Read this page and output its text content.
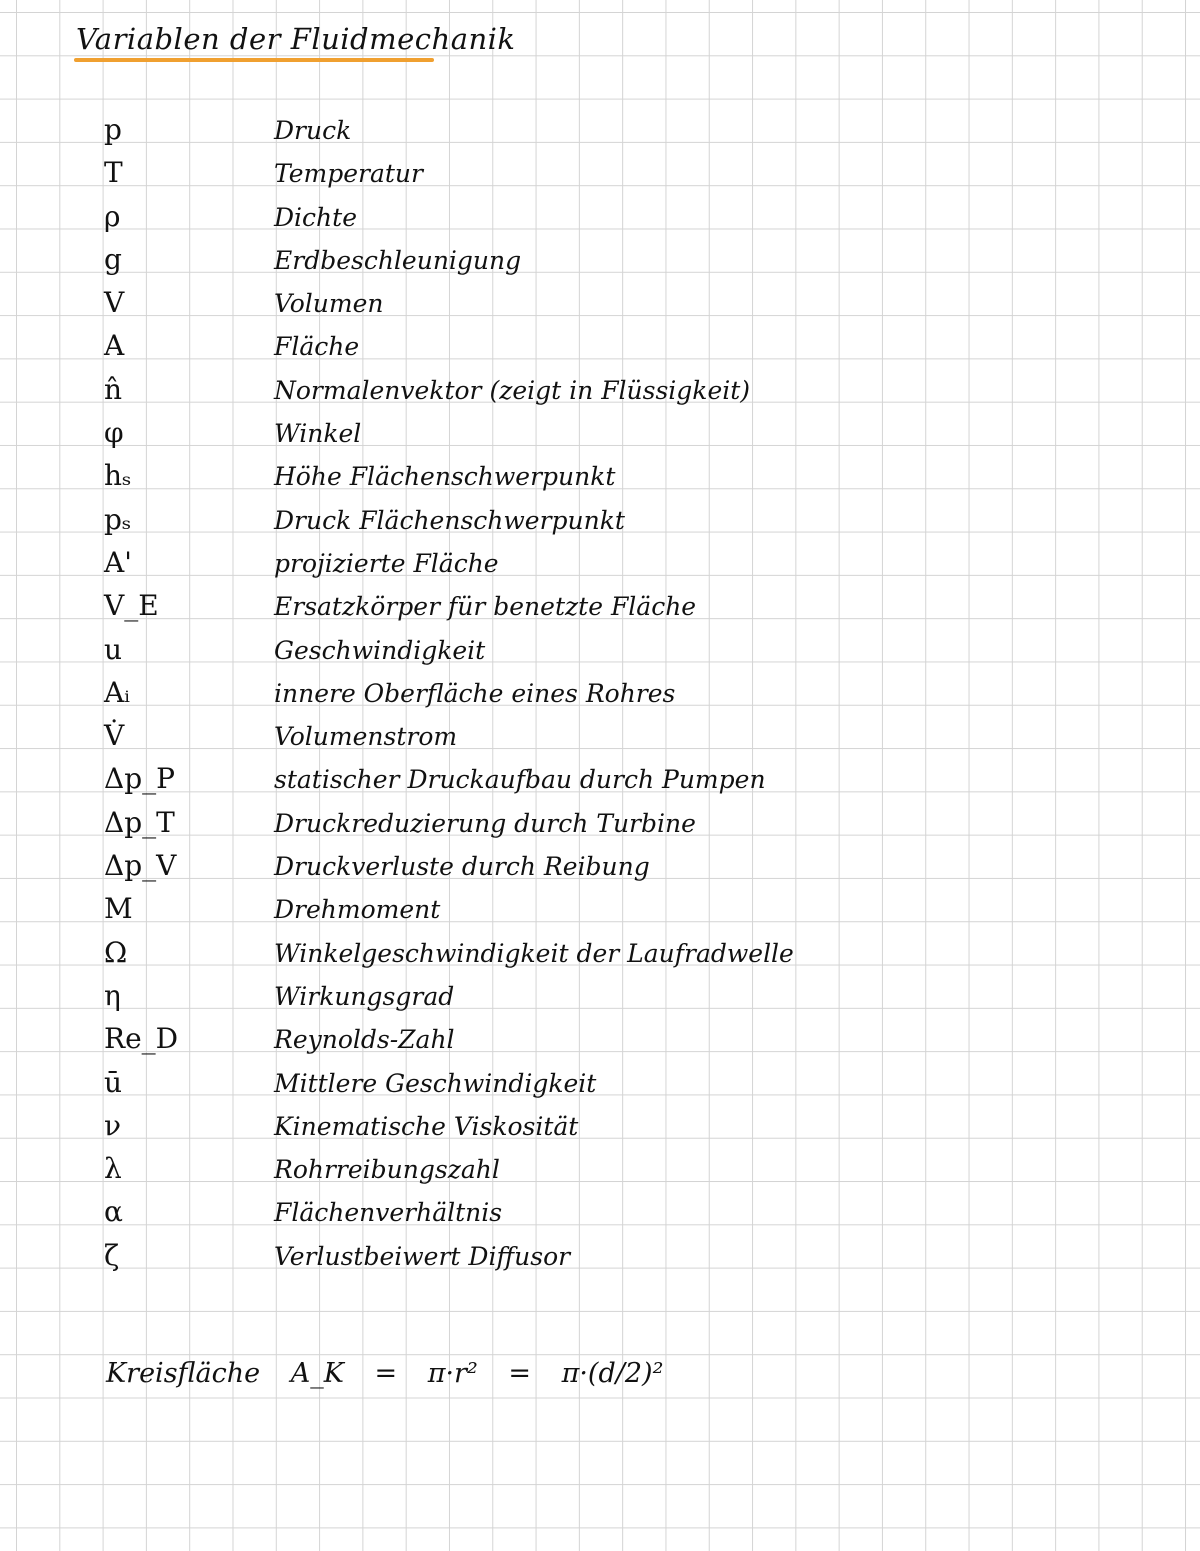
Variablen der Fluidmechanik
p	Druck
T	Temperatur
ρ	Dichte
g	Erdbeschleunigung
V	Volumen
A	Fläche
n̂	Normalenvektor (zeigt in Flüssigkeit)
φ	Winkel
hₛ	Höhe Flächenschwerpunkt
pₛ	Druck Flächenschwerpunkt
A'	projizierte Fläche
V_E	Ersatzkörper für benetzte Fläche
u	Geschwindigkeit
Aᵢ	innere Oberfläche eines Rohres
V̇	Volumenstrom
Δp_P	statischer Druckaufbau durch Pumpen
Δp_T	Druckreduzierung durch Turbine
Δp_V	Druckverluste durch Reibung
M	Drehmoment
Ω	Winkelgeschwindigkeit der Laufradwelle
η	Wirkungsgrad
Re_D	Reynolds-Zahl
ū	Mittlere Geschwindigkeit
ν	Kinematische Viskosität
λ	Rohrreibungszahl
α	Flächenverhältnis
ζ	Verlustbeiwert Diffusor
Kreisfläche A_K = π·r² = π·(d/2)²
